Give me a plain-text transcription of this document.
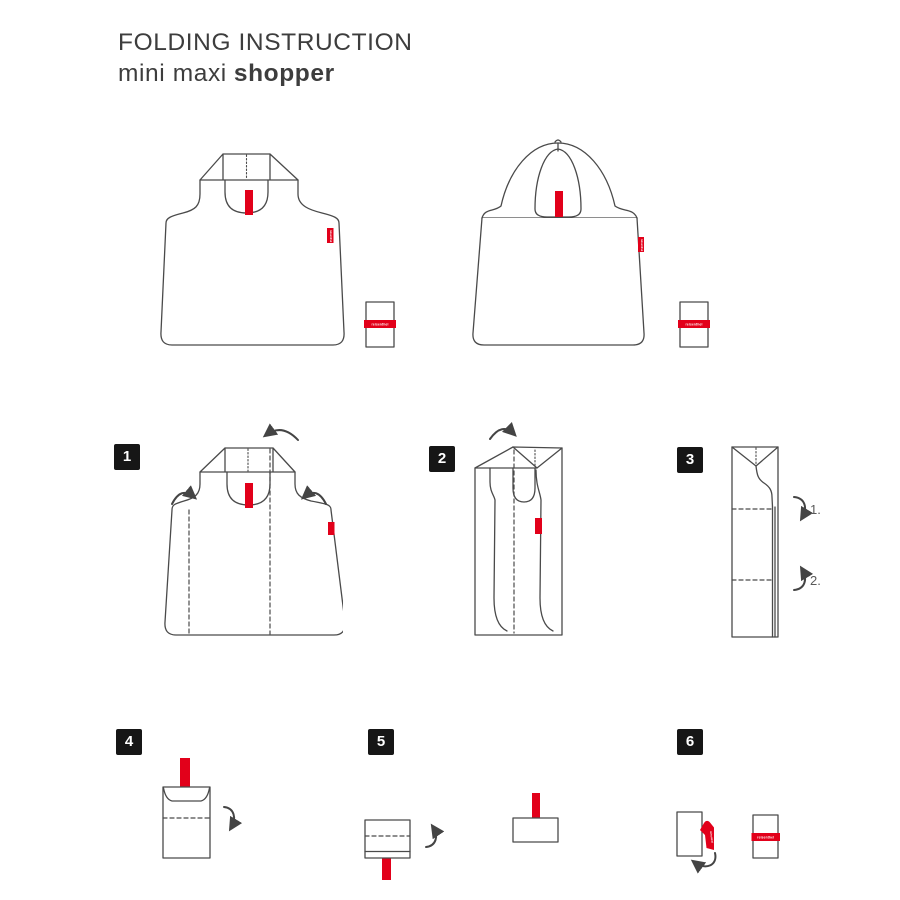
FOLDING INSTRUCTION
mini maxi shopper
reisenthel
reisenthel
reisenthel
reisenthel
1	2	3
1.
2.
4	5	6
reisenthel	reisenthel
